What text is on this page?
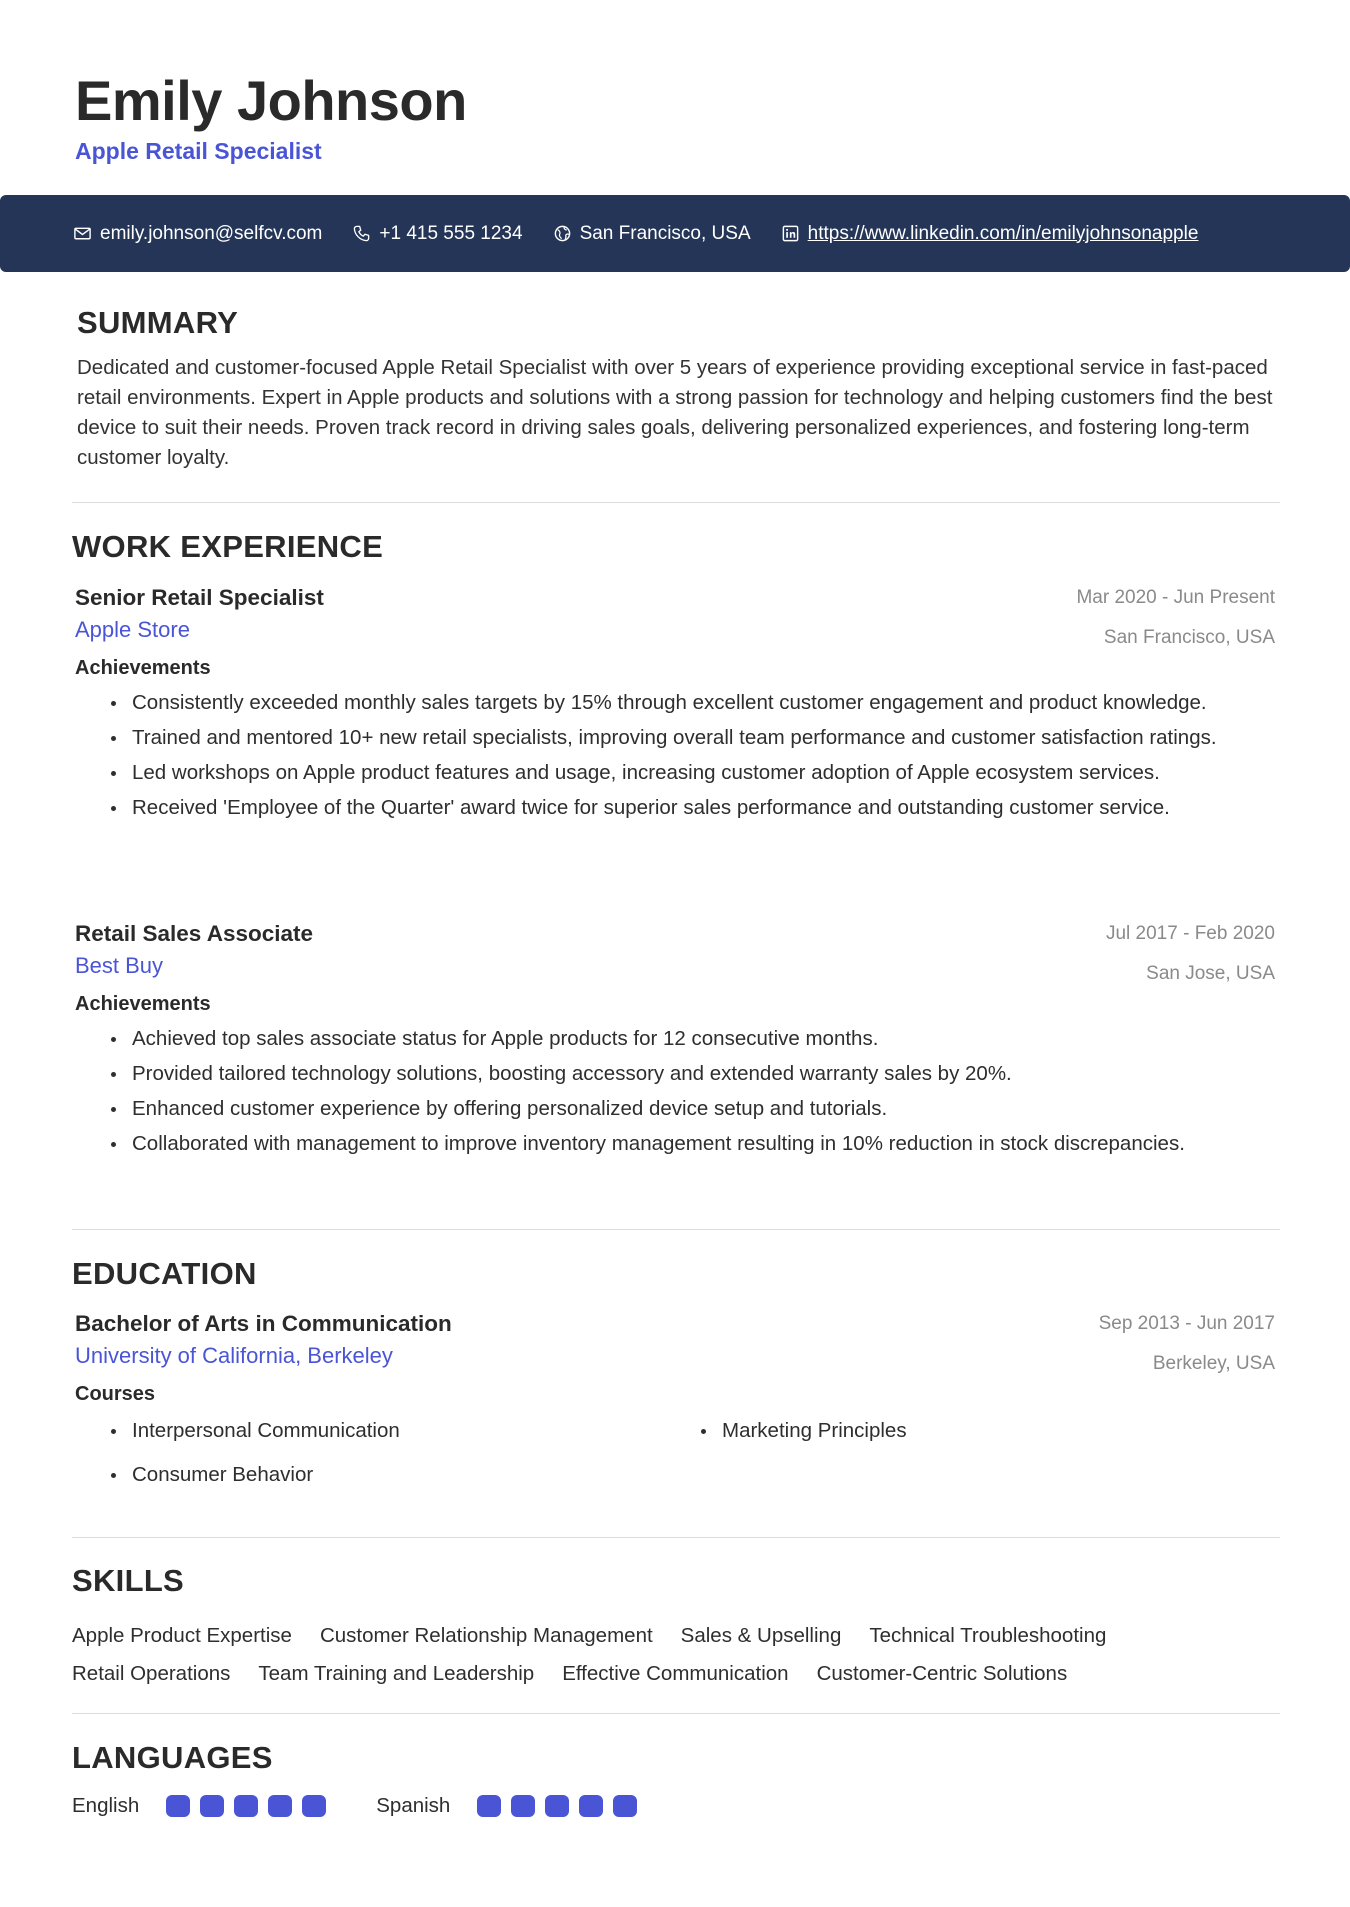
Emily Johnson
Apple Retail Specialist
emily.johnson@selfcv.com	+1 415 555 1234	San Francisco, USA	https://www.linkedin.com/in/emilyjohnsonapple
SUMMARY
Dedicated and customer-focused Apple Retail Specialist with over 5 years of experience providing exceptional service in fast-paced retail environments. Expert in Apple products and solutions with a strong passion for technology and helping customers find the best device to suit their needs. Proven track record in driving sales goals, delivering personalized experiences, and fostering long-term customer loyalty.
WORK EXPERIENCE
Senior Retail Specialist
Apple Store
Mar 2020 - Jun Present
San Francisco, USA
Achievements
Consistently exceeded monthly sales targets by 15% through excellent customer engagement and product knowledge.
Trained and mentored 10+ new retail specialists, improving overall team performance and customer satisfaction ratings.
Led workshops on Apple product features and usage, increasing customer adoption of Apple ecosystem services.
Received 'Employee of the Quarter' award twice for superior sales performance and outstanding customer service.
Retail Sales Associate
Best Buy
Jul 2017 - Feb 2020
San Jose, USA
Achievements
Achieved top sales associate status for Apple products for 12 consecutive months.
Provided tailored technology solutions, boosting accessory and extended warranty sales by 20%.
Enhanced customer experience by offering personalized device setup and tutorials.
Collaborated with management to improve inventory management resulting in 10% reduction in stock discrepancies.
EDUCATION
Bachelor of Arts in Communication
University of California, Berkeley
Sep 2013 - Jun 2017
Berkeley, USA
Courses
Interpersonal Communication	Marketing Principles
Consumer Behavior
SKILLS
Apple Product Expertise Customer Relationship Management Sales & Upselling Technical Troubleshooting
Retail Operations Team Training and Leadership Effective Communication Customer-Centric Solutions
LANGUAGES
English	Spanish
